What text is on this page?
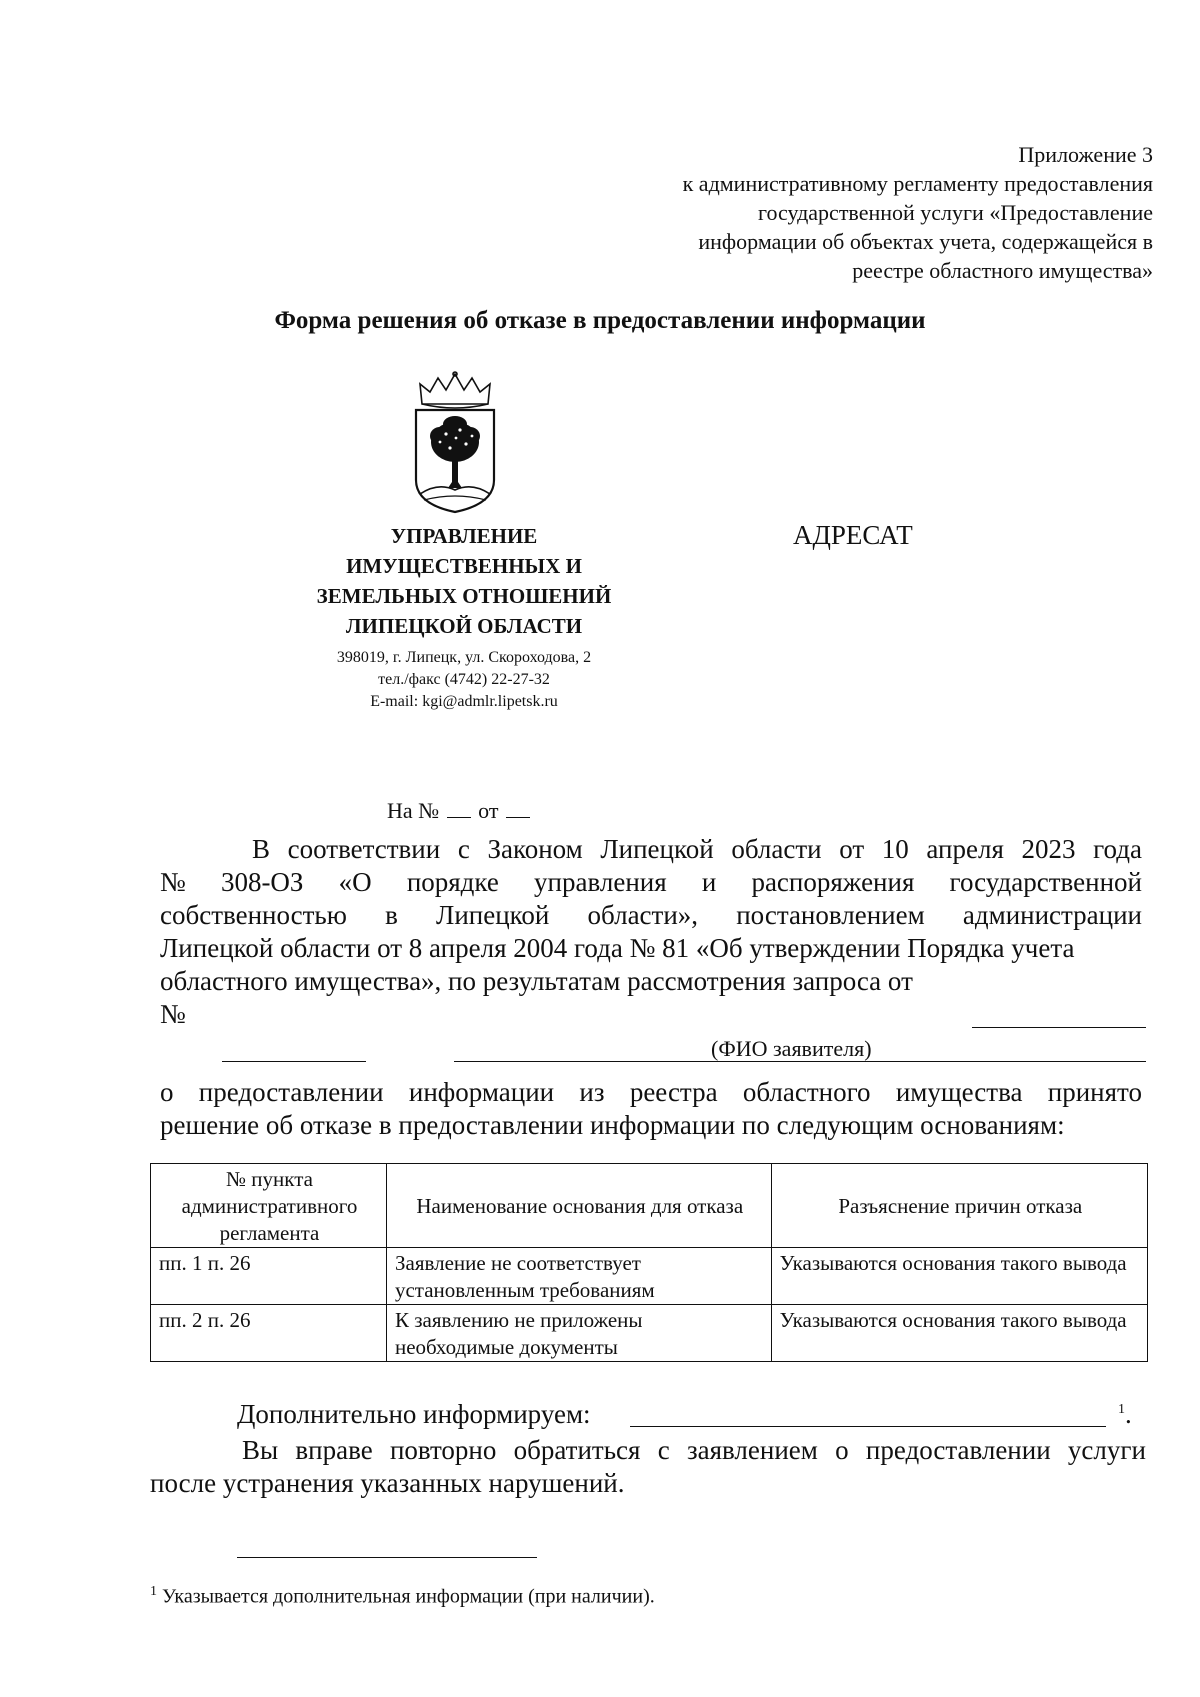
Приложение 3
к административному регламенту предоставления
государственной услуги «Предоставление
информации об объектах учета, содержащейся в
реестре областного имущества»
Форма решения об отказе в предоставлении информации
УПРАВЛЕНИЕ
ИМУЩЕСТВЕННЫХ И
ЗЕМЕЛЬНЫХ ОТНОШЕНИЙ
ЛИПЕЦКОЙ ОБЛАСТИ
398019, г. Липецк, ул. Скороходова, 2
тел./факс (4742) 22-27-32
E-mail: kgi@admlr.lipetsk.ru
АДРЕСАТ
На № от
В соответствии с Законом Липецкой области от 10 апреля 2023 года
№ 308-ОЗ «О порядке управления и распоряжения государственной
собственностью в Липецкой области», постановлением администрации
Липецкой области от 8 апреля 2004 года № 81 «Об утверждении Порядка учета
областного имущества», по результатам рассмотрения запроса от
№
(ФИО заявителя)
о предоставлении информации из реестра областного имущества принято
решение об отказе в предоставлении информации по следующим основаниям:
№ пункта административного регламента	Наименование основания для отказа	Разъяснение причин отказа
пп. 1 п. 26	Заявление не соответствует установленным требованиям	Указываются основания такого вывода
пп. 2 п. 26	К заявлению не приложены необходимые документы	Указываются основания такого вывода
Дополнительно информируем:	$^1$.
Вы вправе повторно обратиться с заявлением о предоставлении услуги
после устранения указанных нарушений.
$^1$ Указывается дополнительная информации (при наличии).
